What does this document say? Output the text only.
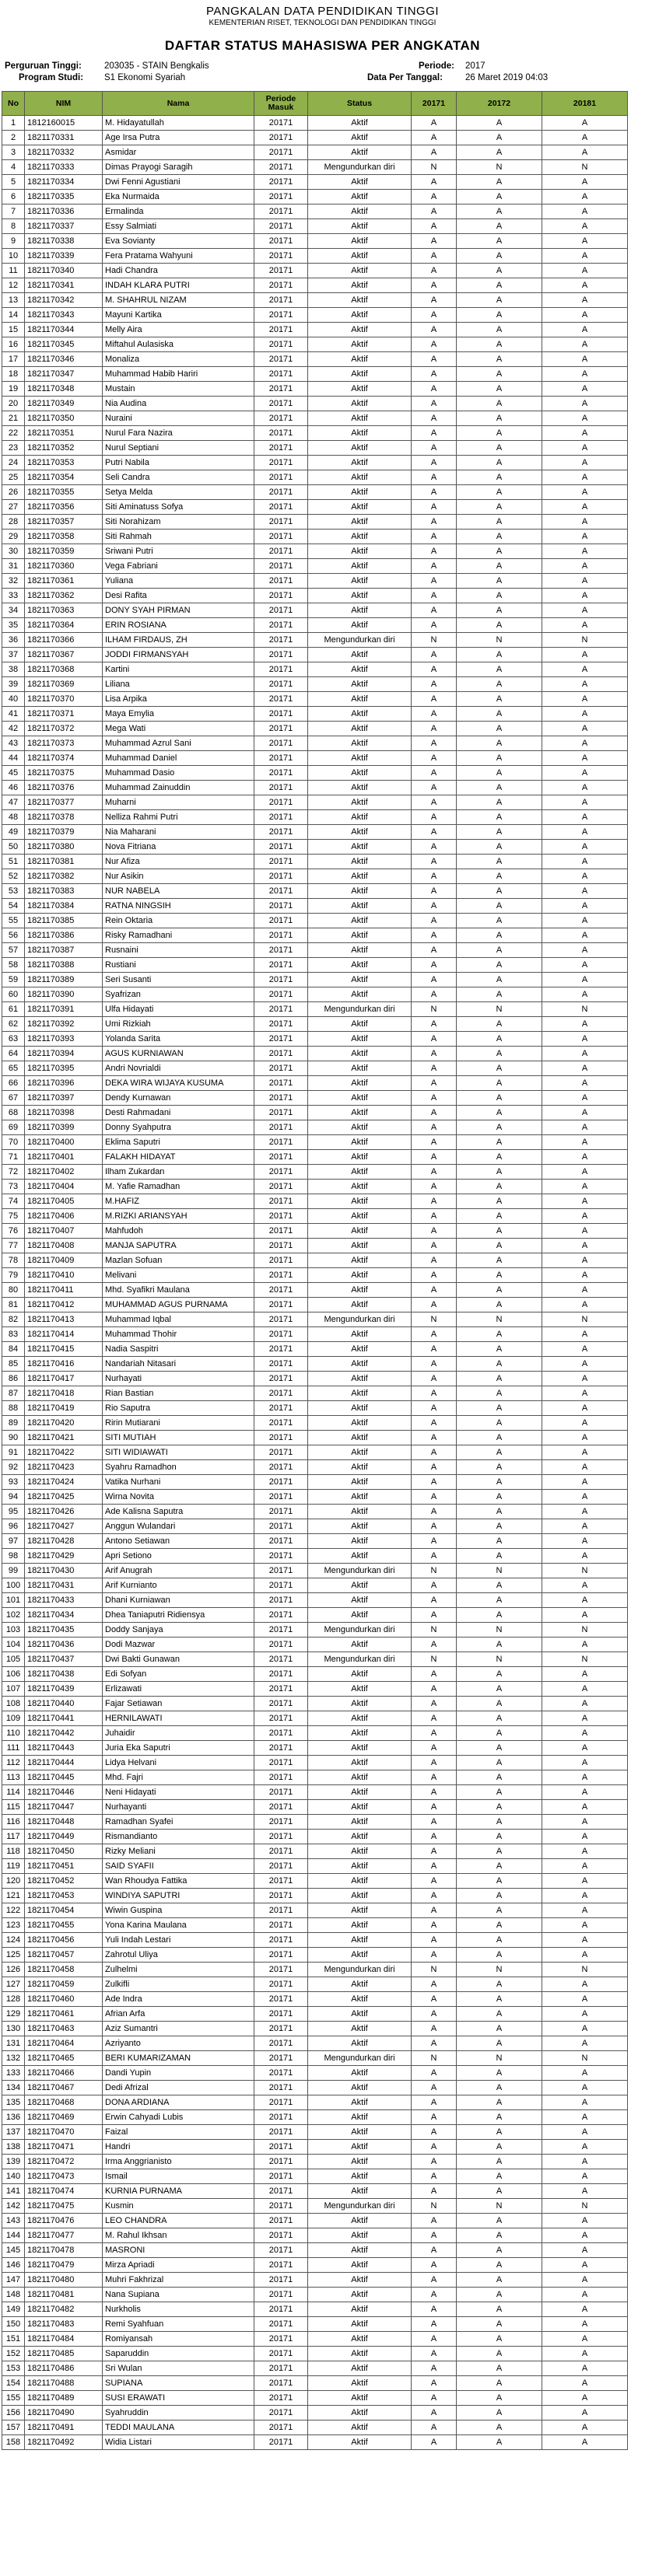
PANGKALAN DATA PENDIDIKAN TINGGI
KEMENTERIAN RISET, TEKNOLOGI DAN PENDIDIKAN TINGGI
DAFTAR STATUS MAHASISWA PER ANGKATAN
Perguruan Tinggi:	203035 - STAIN Bengkalis
Program Studi: S1 Ekonomi Syariah
Periode: 2017
Data Per Tanggal:	26 Maret 2019 04:03
No	NIM	Nama	Periode Masuk	Status	20171	20172	20181
1	1812160015	M. Hidayatullah	20171	Aktif	A	A	A
2	1821170331	Age Irsa Putra	20171	Aktif	A	A	A
3	1821170332	Asmidar	20171	Aktif	A	A	A
4	1821170333	Dimas Prayogi Saragih	20171	Mengundurkan diri	N	N	N
5	1821170334	Dwi Fenni Agustiani	20171	Aktif	A	A	A
6	1821170335	Eka Nurmaida	20171	Aktif	A	A	A
7	1821170336	Ermalinda	20171	Aktif	A	A	A
8	1821170337	Essy Salmiati	20171	Aktif	A	A	A
9	1821170338	Eva Sovianty	20171	Aktif	A	A	A
10	1821170339	Fera Pratama Wahyuni	20171	Aktif	A	A	A
11	1821170340	Hadi Chandra	20171	Aktif	A	A	A
12	1821170341	INDAH KLARA PUTRI	20171	Aktif	A	A	A
13	1821170342	M. SHAHRUL NIZAM	20171	Aktif	A	A	A
14	1821170343	Mayuni Kartika	20171	Aktif	A	A	A
15	1821170344	Melly Aira	20171	Aktif	A	A	A
16	1821170345	Miftahul Aulasiska	20171	Aktif	A	A	A
17	1821170346	Monaliza	20171	Aktif	A	A	A
18	1821170347	Muhammad Habib Hariri	20171	Aktif	A	A	A
19	1821170348	Mustain	20171	Aktif	A	A	A
20	1821170349	Nia Audina	20171	Aktif	A	A	A
21	1821170350	Nuraini	20171	Aktif	A	A	A
22	1821170351	Nurul Fara Nazira	20171	Aktif	A	A	A
23	1821170352	Nurul Septiani	20171	Aktif	A	A	A
24	1821170353	Putri Nabila	20171	Aktif	A	A	A
25	1821170354	Seli Candra	20171	Aktif	A	A	A
26	1821170355	Setya Melda	20171	Aktif	A	A	A
27	1821170356	Siti Aminatuss Sofya	20171	Aktif	A	A	A
28	1821170357	Siti Norahizam	20171	Aktif	A	A	A
29	1821170358	Siti Rahmah	20171	Aktif	A	A	A
30	1821170359	Sriwani Putri	20171	Aktif	A	A	A
31	1821170360	Vega Fabriani	20171	Aktif	A	A	A
32	1821170361	Yuliana	20171	Aktif	A	A	A
33	1821170362	Desi Rafita	20171	Aktif	A	A	A
34	1821170363	DONY SYAH PIRMAN	20171	Aktif	A	A	A
35	1821170364	ERIN ROSIANA	20171	Aktif	A	A	A
36	1821170366	ILHAM FIRDAUS, ZH	20171	Mengundurkan diri	N	N	N
37	1821170367	JODDI FIRMANSYAH	20171	Aktif	A	A	A
38	1821170368	Kartini	20171	Aktif	A	A	A
39	1821170369	Liliana	20171	Aktif	A	A	A
40	1821170370	Lisa Arpika	20171	Aktif	A	A	A
41	1821170371	Maya Emylia	20171	Aktif	A	A	A
42	1821170372	Mega Wati	20171	Aktif	A	A	A
43	1821170373	Muhammad Azrul Sani	20171	Aktif	A	A	A
44	1821170374	Muhammad Daniel	20171	Aktif	A	A	A
45	1821170375	Muhammad Dasio	20171	Aktif	A	A	A
46	1821170376	Muhammad Zainuddin	20171	Aktif	A	A	A
47	1821170377	Muharni	20171	Aktif	A	A	A
48	1821170378	Nelliza Rahmi Putri	20171	Aktif	A	A	A
49	1821170379	Nia Maharani	20171	Aktif	A	A	A
50	1821170380	Nova Fitriana	20171	Aktif	A	A	A
51	1821170381	Nur Afiza	20171	Aktif	A	A	A
52	1821170382	Nur Asikin	20171	Aktif	A	A	A
53	1821170383	NUR NABELA	20171	Aktif	A	A	A
54	1821170384	RATNA NINGSIH	20171	Aktif	A	A	A
55	1821170385	Rein Oktaria	20171	Aktif	A	A	A
56	1821170386	Risky Ramadhani	20171	Aktif	A	A	A
57	1821170387	Rusnaini	20171	Aktif	A	A	A
58	1821170388	Rustiani	20171	Aktif	A	A	A
59	1821170389	Seri Susanti	20171	Aktif	A	A	A
60	1821170390	Syafrizan	20171	Aktif	A	A	A
61	1821170391	Ulfa Hidayati	20171	Mengundurkan diri	N	N	N
62	1821170392	Umi Rizkiah	20171	Aktif	A	A	A
63	1821170393	Yolanda Sarita	20171	Aktif	A	A	A
64	1821170394	AGUS KURNIAWAN	20171	Aktif	A	A	A
65	1821170395	Andri Novrialdi	20171	Aktif	A	A	A
66	1821170396	DEKA WIRA WIJAYA KUSUMA	20171	Aktif	A	A	A
67	1821170397	Dendy Kurnawan	20171	Aktif	A	A	A
68	1821170398	Desti Rahmadani	20171	Aktif	A	A	A
69	1821170399	Donny Syahputra	20171	Aktif	A	A	A
70	1821170400	Eklima Saputri	20171	Aktif	A	A	A
71	1821170401	FALAKH HIDAYAT	20171	Aktif	A	A	A
72	1821170402	Ilham Zukardan	20171	Aktif	A	A	A
73	1821170404	M. Yafie Ramadhan	20171	Aktif	A	A	A
74	1821170405	M.HAFIZ	20171	Aktif	A	A	A
75	1821170406	M.RIZKI ARIANSYAH	20171	Aktif	A	A	A
76	1821170407	Mahfudoh	20171	Aktif	A	A	A
77	1821170408	MANJA SAPUTRA	20171	Aktif	A	A	A
78	1821170409	Mazlan Sofuan	20171	Aktif	A	A	A
79	1821170410	Melivani	20171	Aktif	A	A	A
80	1821170411	Mhd. Syafikri Maulana	20171	Aktif	A	A	A
81	1821170412	MUHAMMAD AGUS PURNAMA	20171	Aktif	A	A	A
82	1821170413	Muhammad Iqbal	20171	Mengundurkan diri	N	N	N
83	1821170414	Muhammad Thohir	20171	Aktif	A	A	A
84	1821170415	Nadia Saspitri	20171	Aktif	A	A	A
85	1821170416	Nandariah Nitasari	20171	Aktif	A	A	A
86	1821170417	Nurhayati	20171	Aktif	A	A	A
87	1821170418	Rian Bastian	20171	Aktif	A	A	A
88	1821170419	Rio Saputra	20171	Aktif	A	A	A
89	1821170420	Ririn Mutiarani	20171	Aktif	A	A	A
90	1821170421	SITI MUTIAH	20171	Aktif	A	A	A
91	1821170422	SITI WIDIAWATI	20171	Aktif	A	A	A
92	1821170423	Syahru Ramadhon	20171	Aktif	A	A	A
93	1821170424	Vatika Nurhani	20171	Aktif	A	A	A
94	1821170425	Wirna Novita	20171	Aktif	A	A	A
95	1821170426	Ade Kalisna Saputra	20171	Aktif	A	A	A
96	1821170427	Anggun Wulandari	20171	Aktif	A	A	A
97	1821170428	Antono Setiawan	20171	Aktif	A	A	A
98	1821170429	Apri Setiono	20171	Aktif	A	A	A
99	1821170430	Arif Anugrah	20171	Mengundurkan diri	N	N	N
100	1821170431	Arif Kurnianto	20171	Aktif	A	A	A
101	1821170433	Dhani Kurniawan	20171	Aktif	A	A	A
102	1821170434	Dhea Taniaputri Ridiensya	20171	Aktif	A	A	A
103	1821170435	Doddy Sanjaya	20171	Mengundurkan diri	N	N	N
104	1821170436	Dodi Mazwar	20171	Aktif	A	A	A
105	1821170437	Dwi Bakti Gunawan	20171	Mengundurkan diri	N	N	N
106	1821170438	Edi Sofyan	20171	Aktif	A	A	A
107	1821170439	Erlizawati	20171	Aktif	A	A	A
108	1821170440	Fajar Setiawan	20171	Aktif	A	A	A
109	1821170441	HERNILAWATI	20171	Aktif	A	A	A
110	1821170442	Juhaidir	20171	Aktif	A	A	A
111	1821170443	Juria Eka Saputri	20171	Aktif	A	A	A
112	1821170444	Lidya Helvani	20171	Aktif	A	A	A
113	1821170445	Mhd. Fajri	20171	Aktif	A	A	A
114	1821170446	Neni Hidayati	20171	Aktif	A	A	A
115	1821170447	Nurhayanti	20171	Aktif	A	A	A
116	1821170448	Ramadhan Syafei	20171	Aktif	A	A	A
117	1821170449	Rismandianto	20171	Aktif	A	A	A
118	1821170450	Rizky Meliani	20171	Aktif	A	A	A
119	1821170451	SAID SYAFII	20171	Aktif	A	A	A
120	1821170452	Wan Rhoudya Fattika	20171	Aktif	A	A	A
121	1821170453	WINDIYA SAPUTRI	20171	Aktif	A	A	A
122	1821170454	Wiwin Guspina	20171	Aktif	A	A	A
123	1821170455	Yona Karina Maulana	20171	Aktif	A	A	A
124	1821170456	Yuli Indah Lestari	20171	Aktif	A	A	A
125	1821170457	Zahrotul Uliya	20171	Aktif	A	A	A
126	1821170458	Zulhelmi	20171	Mengundurkan diri	N	N	N
127	1821170459	Zulkifli	20171	Aktif	A	A	A
128	1821170460	Ade Indra	20171	Aktif	A	A	A
129	1821170461	Afrian Arfa	20171	Aktif	A	A	A
130	1821170463	Aziz Sumantri	20171	Aktif	A	A	A
131	1821170464	Azriyanto	20171	Aktif	A	A	A
132	1821170465	BERI KUMARIZAMAN	20171	Mengundurkan diri	N	N	N
133	1821170466	Dandi Yupin	20171	Aktif	A	A	A
134	1821170467	Dedi Afrizal	20171	Aktif	A	A	A
135	1821170468	DONA ARDIANA	20171	Aktif	A	A	A
136	1821170469	Erwin Cahyadi Lubis	20171	Aktif	A	A	A
137	1821170470	Faizal	20171	Aktif	A	A	A
138	1821170471	Handri	20171	Aktif	A	A	A
139	1821170472	Irma Anggrianisto	20171	Aktif	A	A	A
140	1821170473	Ismail	20171	Aktif	A	A	A
141	1821170474	KURNIA PURNAMA	20171	Aktif	A	A	A
142	1821170475	Kusmin	20171	Mengundurkan diri	N	N	N
143	1821170476	LEO CHANDRA	20171	Aktif	A	A	A
144	1821170477	M. Rahul Ikhsan	20171	Aktif	A	A	A
145	1821170478	MASRONI	20171	Aktif	A	A	A
146	1821170479	Mirza Apriadi	20171	Aktif	A	A	A
147	1821170480	Muhri Fakhrizal	20171	Aktif	A	A	A
148	1821170481	Nana Supiana	20171	Aktif	A	A	A
149	1821170482	Nurkholis	20171	Aktif	A	A	A
150	1821170483	Remi Syahfuan	20171	Aktif	A	A	A
151	1821170484	Romiyansah	20171	Aktif	A	A	A
152	1821170485	Saparuddin	20171	Aktif	A	A	A
153	1821170486	Sri Wulan	20171	Aktif	A	A	A
154	1821170488	SUPIANA	20171	Aktif	A	A	A
155	1821170489	SUSI ERAWATI	20171	Aktif	A	A	A
156	1821170490	Syahruddin	20171	Aktif	A	A	A
157	1821170491	TEDDI MAULANA	20171	Aktif	A	A	A
158	1821170492	Widia Listari	20171	Aktif	A	A	A
